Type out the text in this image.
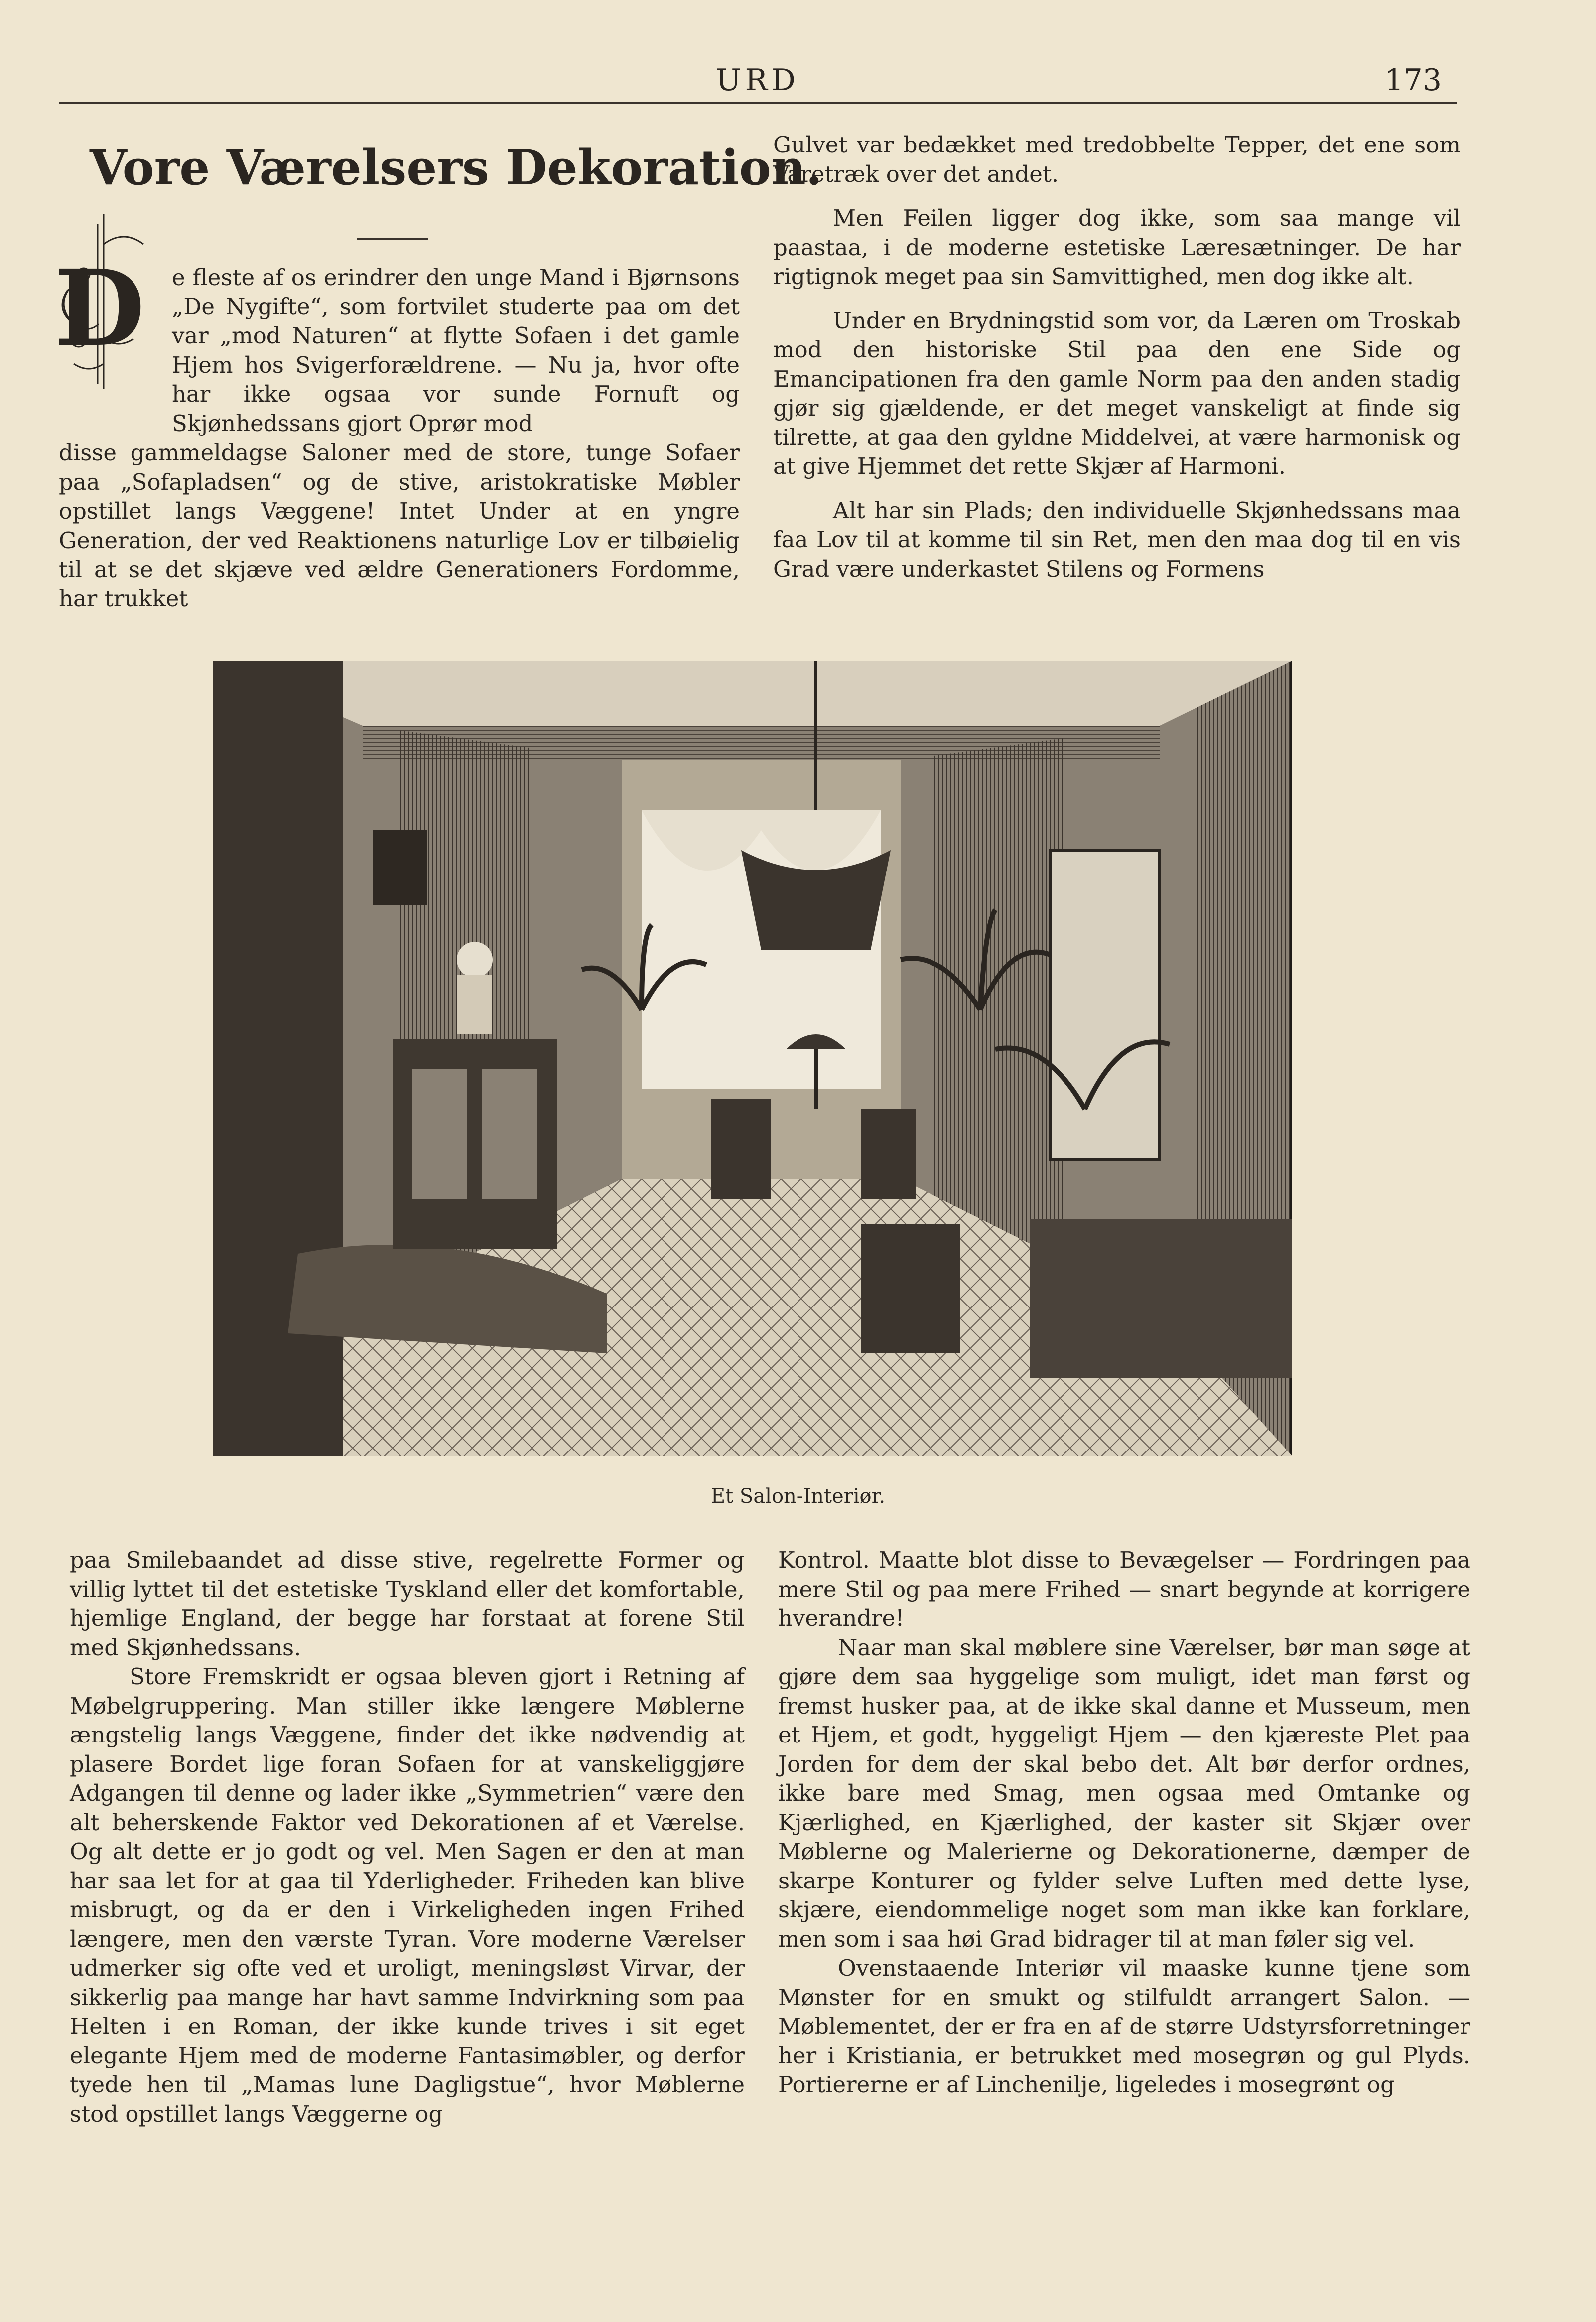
URD	173
Vore Værelsers Dekoration.
D e fleste af os erindrer den unge Mand i Bjørnsons „De Nygifte“, som fortvilet studerte paa om det var „mod Naturen“ at flytte Sofaen i det gamle Hjem hos Svigerforældrene. — Nu ja, hvor ofte har ikke ogsaa vor sunde Fornuft og Skjønhedssans gjort Oprør mod

disse gammeldagse Saloner med de store, tunge Sofaer paa „Sofapladsen“ og de stive, aristokratiske Møbler opstillet langs Væggene! Intet Under at en yngre Generation, der ved Reaktionens naturlige Lov er tilbøielig til at se det skjæve ved ældre Generationers Fordomme, har trukket

Gulvet var bedækket med tredobbelte Tepper, det ene som Varetræk over det andet.

Men Feilen ligger dog ikke, som saa mange vil paastaa, i de moderne estetiske Læresætninger. De har rigtignok meget paa sin Samvittighed, men dog ikke alt.

Under en Brydningstid som vor, da Læren om Troskab mod den historiske Stil paa den ene Side og Emancipationen fra den gamle Norm paa den anden stadig gjør sig gjældende, er det meget vanskeligt at finde sig tilrette, at gaa den gyldne Middelvei, at være harmonisk og at give Hjemmet det rette Skjær af Harmoni.

Alt har sin Plads; den individuelle Skjønhedssans maa faa Lov til at komme til sin Ret, men den maa dog til en vis Grad være underkastet Stilens og Formens

Et Salon-Interiør.

paa Smilebaandet ad disse stive, regelrette Former og villig lyttet til det estetiske Tyskland eller det komfortable, hjemlige England, der begge har forstaat at forene Stil med Skjønhedssans.

Store Fremskridt er ogsaa bleven gjort i Retning af Møbelgruppering. Man stiller ikke længere Møblerne ængstelig langs Væggene, finder det ikke nødvendig at plasere Bordet lige foran Sofaen for at vanskeliggjøre Adgangen til denne og lader ikke „Symmetrien“ være den alt beherskende Faktor ved Dekorationen af et Værelse. Og alt dette er jo godt og vel. Men Sagen er den at man har saa let for at gaa til Yderligheder. Friheden kan blive misbrugt, og da er den i Virkeligheden ingen Frihed længere, men den værste Tyran. Vore moderne Værelser udmerker sig ofte ved et uroligt, meningsløst Virvar, der sikkerlig paa mange har havt samme Indvirkning som paa Helten i en Roman, der ikke kunde trives i sit eget elegante Hjem med de moderne Fantasimøbler, og derfor tyede hen til „Mamas lune Dagligstue“, hvor Møblerne stod opstillet langs Væggerne og

Kontrol. Maatte blot disse to Bevægelser — Fordringen paa mere Stil og paa mere Frihed — snart begynde at korrigere hverandre!

Naar man skal møblere sine Værelser, bør man søge at gjøre dem saa hyggelige som muligt, idet man først og fremst husker paa, at de ikke skal danne et Musseum, men et Hjem, et godt, hyggeligt Hjem — den kjæreste Plet paa Jorden for dem der skal bebo det. Alt bør derfor ordnes, ikke bare med Smag, men ogsaa med Omtanke og Kjærlighed, en Kjærlighed, der kaster sit Skjær over Møblerne og Malerierne og Dekorationerne, dæmper de skarpe Konturer og fylder selve Luften med dette lyse, skjære, eiendommelige noget som man ikke kan forklare, men som i saa høi Grad bidrager til at man føler sig vel.

Ovenstaaende Interiør vil maaske kunne tjene som Mønster for en smukt og stilfuldt arrangert Salon. — Møblementet, der er fra en af de større Udstyrsforretninger her i Kristiania, er betrukket med mosegrøn og gul Plyds. Portiererne er af Linchenilje, ligeledes i mosegrønt og
